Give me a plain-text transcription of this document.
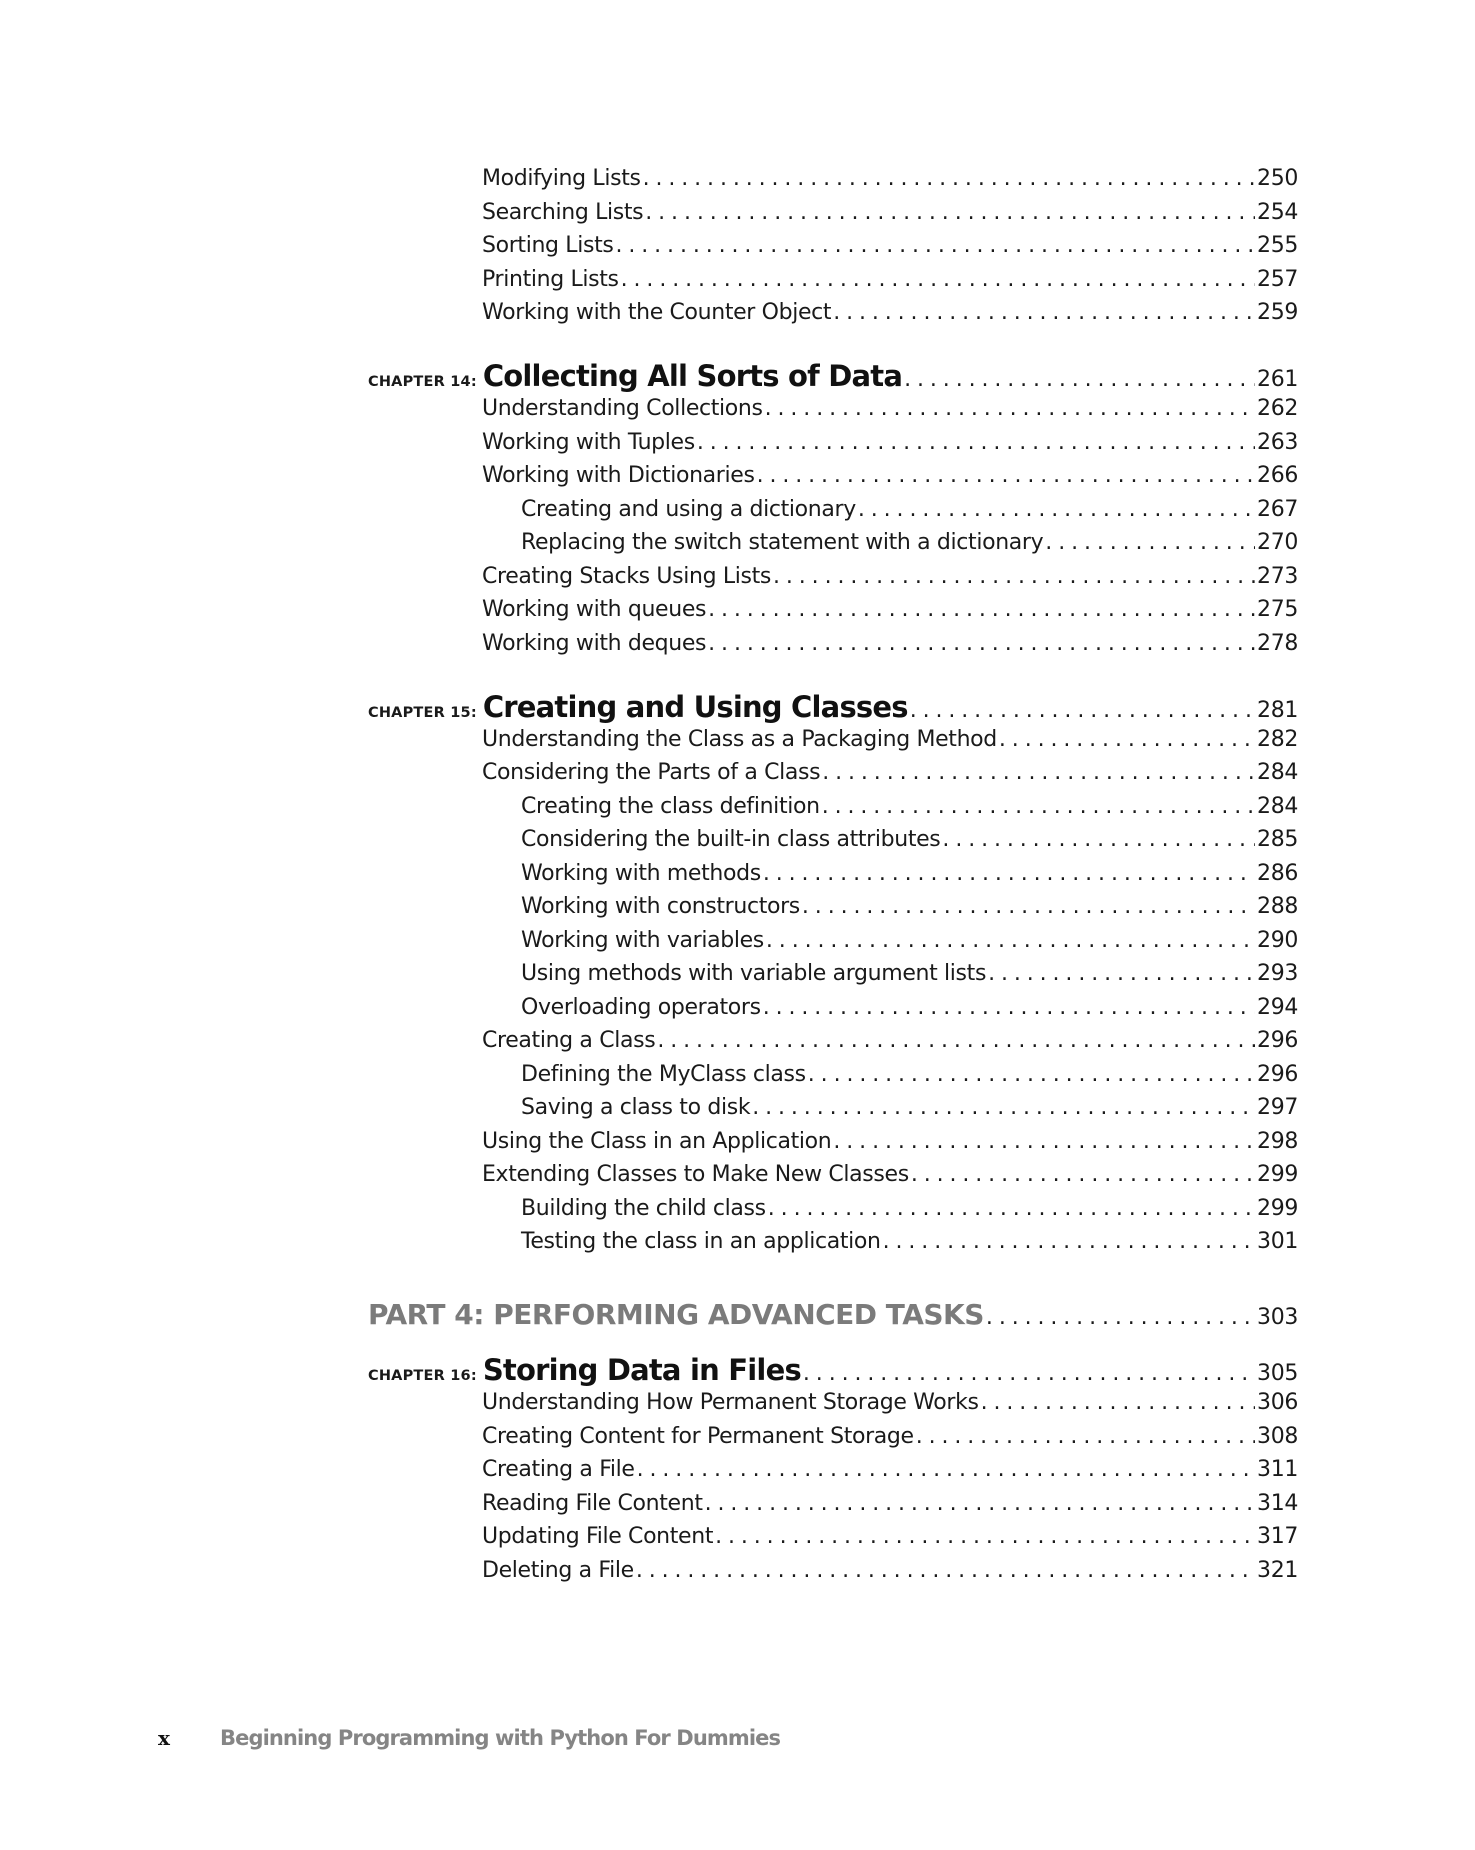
Modifying Lists .....	250
Searching Lists .....	254
Sorting Lists .....	255
Printing Lists .....	257
Working with the Counter Object .....	259
CHAPTER 14: Collecting All Sorts of Data .....	261
Understanding Collections .....	262
Working with Tuples .....	263
Working with Dictionaries .....	266
Creating and using a dictionary .....	267
Replacing the switch statement with a dictionary .....	270
Creating Stacks Using Lists .....	273
Working with queues .....	275
Working with deques .....	278
CHAPTER 15: Creating and Using Classes .....	281
Understanding the Class as a Packaging Method .....	282
Considering the Parts of a Class .....	284
Creating the class definition .....	284
Considering the built-in class attributes .....	285
Working with methods .....	286
Working with constructors .....	288
Working with variables .....	290
Using methods with variable argument lists .....	293
Overloading operators .....	294
Creating a Class .....	296
Defining the MyClass class .....	296
Saving a class to disk .....	297
Using the Class in an Application .....	298
Extending Classes to Make New Classes .....	299
Building the child class .....	299
Testing the class in an application .....	301
PART 4: PERFORMING ADVANCED TASKS .....	303
CHAPTER 16: Storing Data in Files .....	305
Understanding How Permanent Storage Works .....	306
Creating Content for Permanent Storage .....	308
Creating a File .....	311
Reading File Content .....	314
Updating File Content .....	317
Deleting a File .....	321
x	Beginning Programming with Python For Dummies
